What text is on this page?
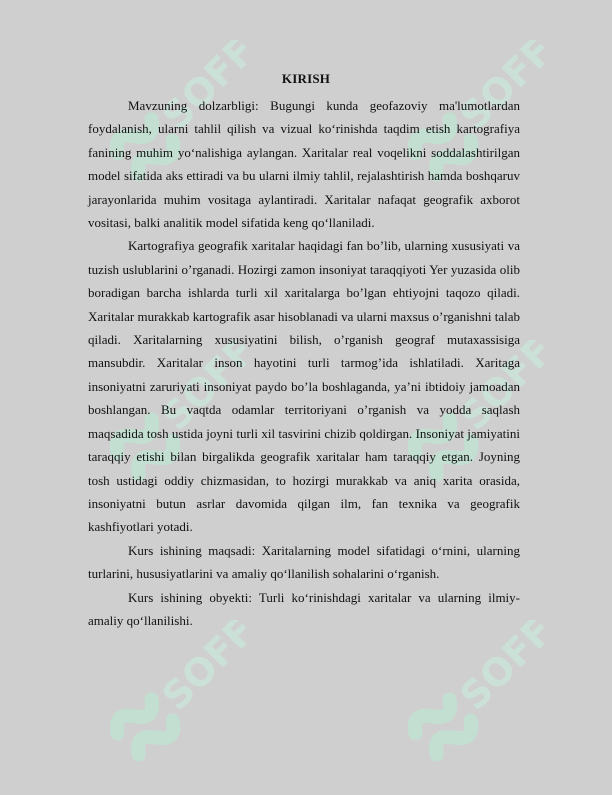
SOFF	SOFF
SOFF	SOFF
SOFF	SOFF
KIRISH

Mavzuning dolzarbligi: Bugungi kunda geofazoviy ma'lumotlardan foydalanish, ularni tahlil qilish va vizual ko‘rinishda taqdim etish kartografiya fanining muhim yo‘nalishiga aylangan. Xaritalar real voqelikni soddalashtirilgan model sifatida aks ettiradi va bu ularni ilmiy tahlil, rejalashtirish hamda boshqaruv jarayonlarida muhim vositaga aylantiradi. Xaritalar nafaqat geografik axborot vositasi, balki analitik model sifatida keng qo‘llaniladi.

Kartografiya geografik xaritalar haqidagi fan bo’lib, ularning xususiyati va tuzish uslublarini o’rganadi. Hozirgi zamon insoniyat taraqqiyoti Yer yuzasida olib boradigan barcha ishlarda turli xil xaritalarga bo’lgan ehtiyojni taqozo qiladi. Xaritalar murakkab kartografik asar hisoblanadi va ularni maxsus o’rganishni talab qiladi. Xaritalarning xususiyatini bilish, o’rganish geograf mutaxassisiga mansubdir. Xaritalar inson hayotini turli tarmog’ida ishlatiladi. Xaritaga insoniyatni zaruriyati insoniyat paydo bo’la boshlaganda, ya’ni ibtidoiy jamoadan boshlangan. Bu vaqtda odamlar territoriyani o’rganish va yodda saqlash maqsadida tosh ustida joyni turli xil tasvirini chizib qoldirgan. Insoniyat jamiyatini taraqqiy etishi bilan birgalikda geografik xaritalar ham taraqqiy etgan. Joyning tosh ustidagi oddiy chizmasidan, to hozirgi murakkab va aniq xarita orasida, insoniyatni butun asrlar davomida qilgan ilm, fan texnika va geografik kashfiyotlari yotadi.

Kurs ishining maqsadi: Xaritalarning model sifatidagi o‘rnini, ularning turlarini, hususiyatlarini va amaliy qo‘llanilish sohalarini o‘rganish.

Kurs ishining obyekti: Turli ko‘rinishdagi xaritalar va ularning ilmiy-amaliy qo‘llanilishi.
